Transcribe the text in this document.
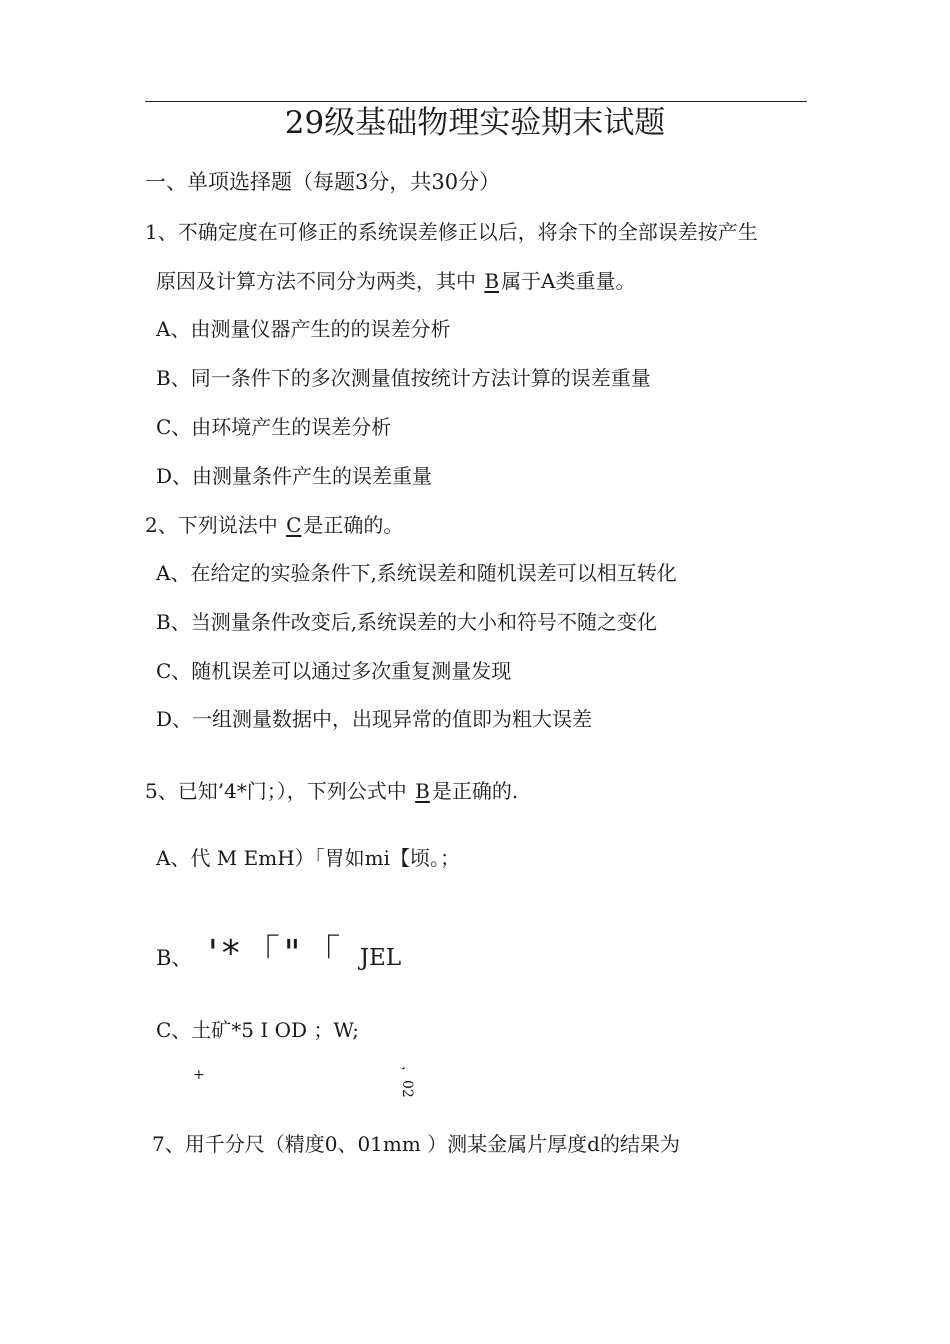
29级基础物理实验期末试题
一、单项选择题（每题3分，共30分）
1、不确定度在可修正的系统误差修正以后，将余下的全部误差按产生
原因及计算方法不同分为两类，其中 B 属于A类重量。
A、由测量仪器产生的的误差分析
B、同一条件下的多次测量值按统计方法计算的误差重量
C、由环境产生的误差分析
D、由测量条件产生的误差重量
2、下列说法中 C 是正确的。
A、在给定的实验条件下,系统误差和随机误差可以相互转化
B、当测量条件改变后,系统误差的大小和符号不随之变化
C、随机误差可以通过多次重复测量发现
D、一组测量数据中，出现异常的值即为粗大误差
5、已知’4*门；），下列公式中 B 是正确的.
A、代 M EmH）「胃如mi【顷。；
B、 '*「"「 JEL
C、土矿*5 I OD ；W;
+	，02
7、用千分尺（精度0、01mm ）测某金属片厚度d的结果为
